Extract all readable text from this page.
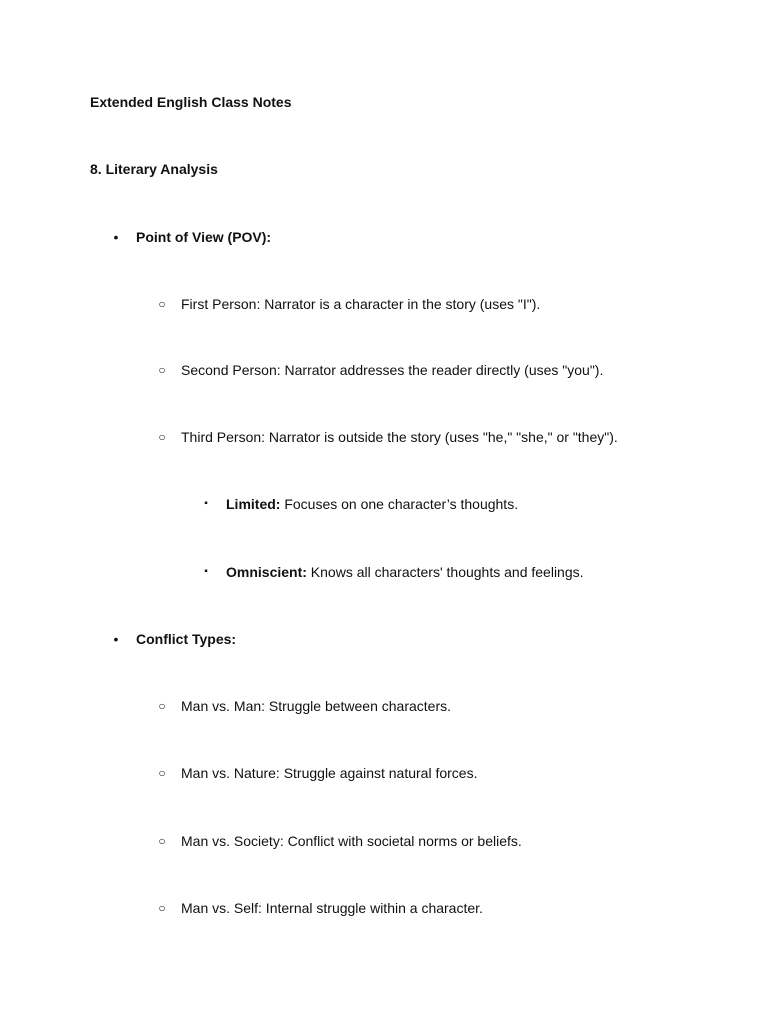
Extended English Class Notes
8. Literary Analysis
• Point of View (POV):
○ First Person: Narrator is a character in the story (uses "I").
○ Second Person: Narrator addresses the reader directly (uses "you").
○ Third Person: Narrator is outside the story (uses "he," "she," or "they").
▪	Limited: Focuses on one character’s thoughts.
▪	Omniscient: Knows all characters' thoughts and feelings.
• Conflict Types:
○ Man vs. Man: Struggle between characters.
○ Man vs. Nature: Struggle against natural forces.
○ Man vs. Society: Conflict with societal norms or beliefs.
○ Man vs. Self: Internal struggle within a character.
